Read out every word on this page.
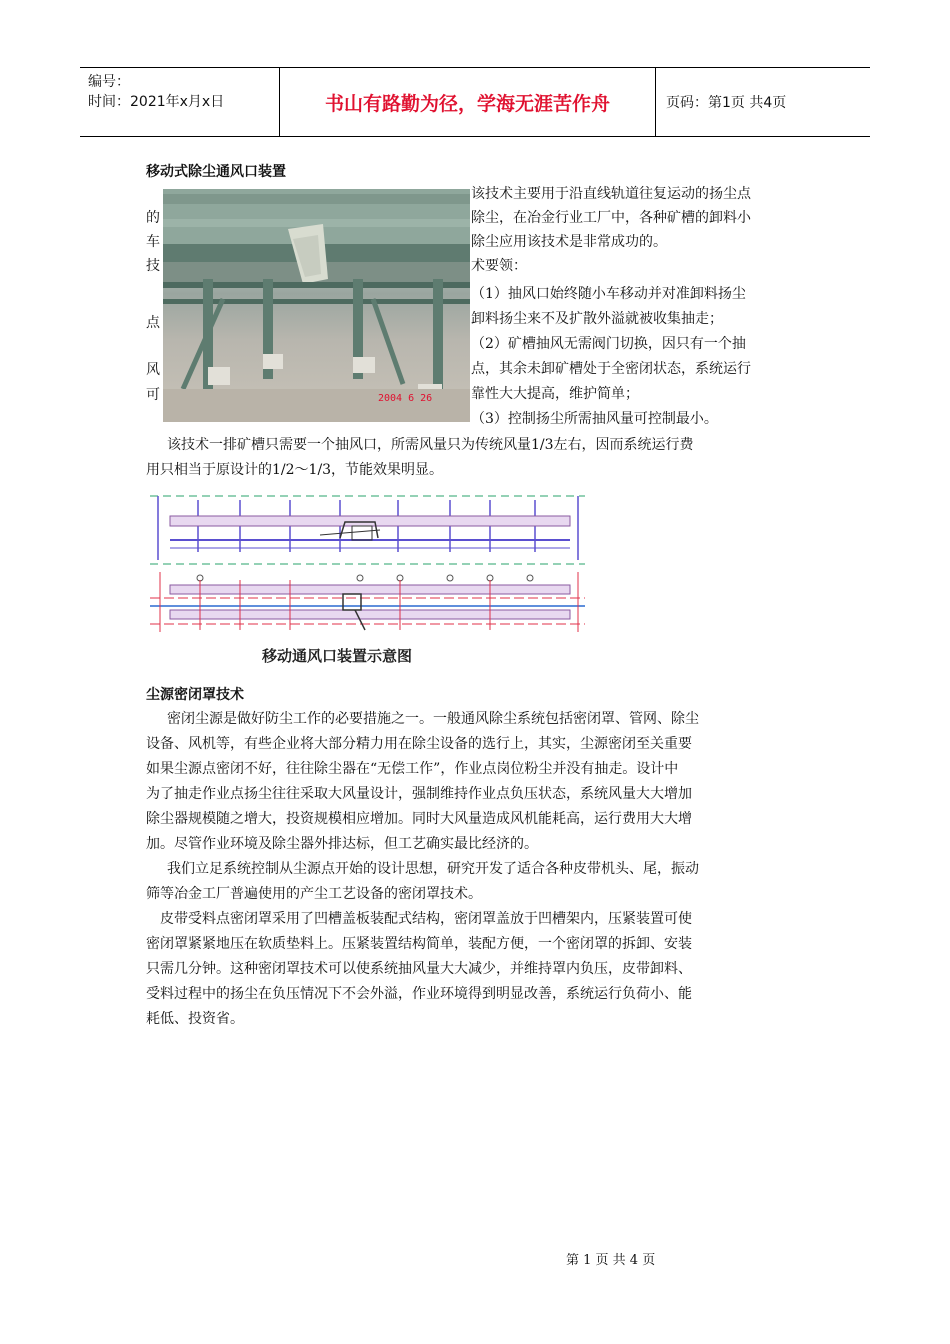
编号：
时间：2021年x月x日	书山有路勤为径，学海无涯苦作舟	页码：第1页 共4页
移动式除尘通风口装置
的
车
技
点
风
可	2004 6 26
该技术主要用于沿直线轨道往复运动的扬尘点
除尘，在冶金行业工厂中，各种矿槽的卸料小
除尘应用该技术是非常成功的。
术要领：
（1）抽风口始终随小车移动并对准卸料扬尘
卸料扬尘来不及扩散外溢就被收集抽走；
（2）矿槽抽风无需阀门切换，因只有一个抽
点，其余未卸矿槽处于全密闭状态，系统运行
靠性大大提高，维护简单；
（3）控制扬尘所需抽风量可控制最小。
该技术一排矿槽只需要一个抽风口，所需风量只为传统风量1/3左右，因而系统运行费
用只相当于原设计的1/2～1/3，节能效果明显。
移动通风口装置示意图
尘源密闭罩技术
密闭尘源是做好防尘工作的必要措施之一。一般通风除尘系统包括密闭罩、管网、除尘
设备、风机等，有些企业将大部分精力用在除尘设备的选行上，其实，尘源密闭至关重要
如果尘源点密闭不好，往往除尘器在“无偿工作”，作业点岗位粉尘并没有抽走。设计中
为了抽走作业点扬尘往往采取大风量设计，强制维持作业点负压状态，系统风量大大增加
除尘器规模随之增大，投资规模相应增加。同时大风量造成风机能耗高，运行费用大大增
加。尽管作业环境及除尘器外排达标，但工艺确实最比经济的。
我们立足系统控制从尘源点开始的设计思想，研究开发了适合各种皮带机头、尾，振动
筛等冶金工厂普遍使用的产尘工艺设备的密闭罩技术。
皮带受料点密闭罩采用了凹槽盖板装配式结构，密闭罩盖放于凹槽架内，压紧装置可使
密闭罩紧紧地压在软质垫料上。压紧装置结构简单，装配方便，一个密闭罩的拆卸、安装
只需几分钟。这种密闭罩技术可以使系统抽风量大大减少，并维持罩内负压，皮带卸料、
受料过程中的扬尘在负压情况下不会外溢，作业环境得到明显改善，系统运行负荷小、能
耗低、投资省。
第 1 页 共 4 页
